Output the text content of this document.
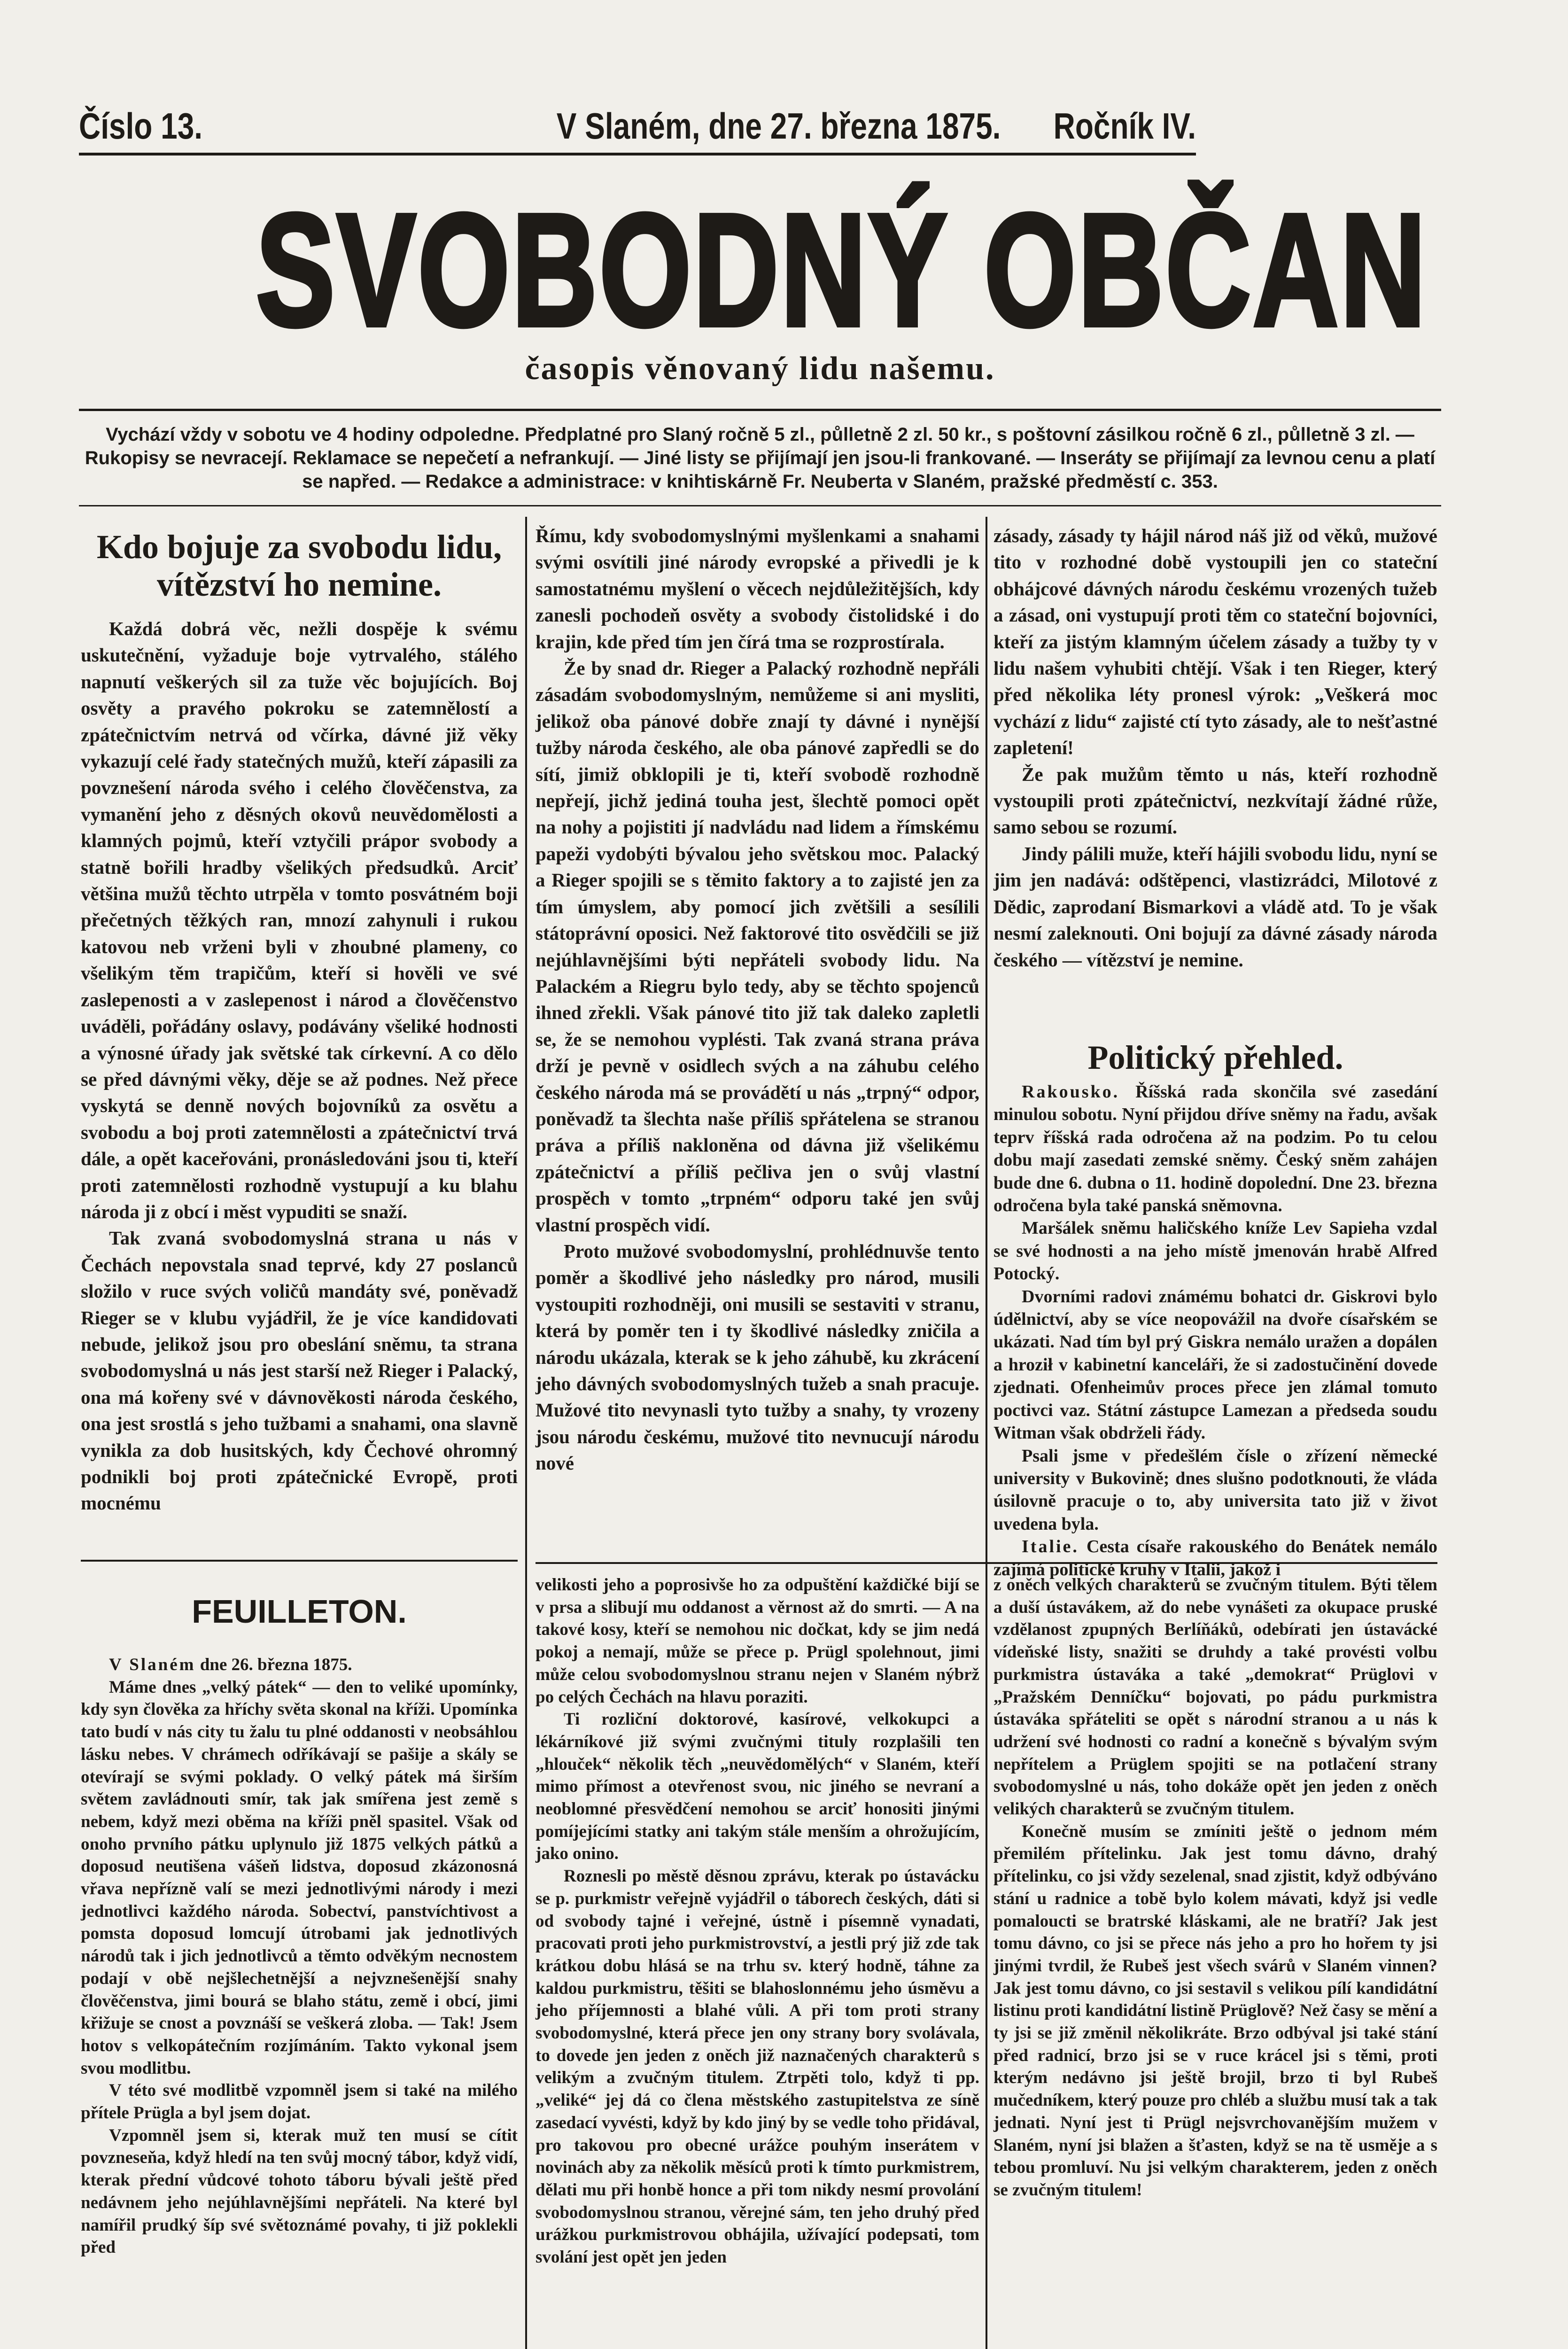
Číslo 13.	V Slaném, dne 27. března 1875. Ročník IV.
SVOBODNÝ OBČAN

časopis věnovaný lidu našemu.

Vychází vždy v sobotu ve 4 hodiny odpoledne. Předplatné pro Slaný ročně 5 zl., půlletně 2 zl. 50 kr., s poštovní zásilkou ročně 6 zl., půlletně 3 zl. — Rukopisy se nevracejí. Reklamace se nepečetí a nefrankují. — Jiné listy se přijímají jen jsou-li frankované. — Inseráty se přijímají za levnou cenu a platí se napřed. — Redakce a administrace: v knihtiskárně Fr. Neuberta v Slaném, pražské předměstí c. 353.

Kdo bojuje za svobodu lidu, vítězství ho nemine.

Každá dobrá věc, nežli dospěje k svému uskutečnění, vyžaduje boje vytrvalého, stálého napnutí veškerých sil za tuže věc bojujících. Boj osvěty a pravého pokroku se zatemnělostí a zpátečnictvím netrvá od včírka, dávné již věky vykazují celé řady statečných mužů, kteří zápasili za povznešení národa svého i celého člověčenstva, za vymanění jeho z děsných okovů neuvědomělosti a klamných pojmů, kteří vztyčili prápor svobody a statně bořili hradby všelikých předsudků. Arciť většina mužů těchto utrpěla v tomto posvátném boji přečetných těžkých ran, mnozí zahynuli i rukou katovou neb vrženi byli v zhoubné plameny, co všelikým těm trapičům, kteří si hověli ve své zaslepenosti a v zaslepenost i národ a člověčenstvo uváděli, pořádány oslavy, podávány všeliké hodnosti a výnosné úřady jak světské tak církevní. A co dělo se před dávnými věky, děje se až podnes. Než přece vyskytá se denně nových bojovníků za osvětu a svobodu a boj proti zatemnělosti a zpátečnictví trvá dále, a opět kaceřováni, pronásledováni jsou ti, kteří proti zatemnělosti rozhodně vystupují a ku blahu národa ji z obcí i měst vypuditi se snaží.

Tak zvaná svobodomyslná strana u nás v Čechách nepovstala snad teprvé, kdy 27 poslanců složilo v ruce svých voličů mandáty své, poněvadž Rieger se v klubu vyjádřil, že je více kandidovati nebude, jelikož jsou pro obeslání sněmu, ta strana svobodomyslná u nás jest starší než Rieger i Palacký, ona má kořeny své v dávnověkosti národa českého, ona jest srostlá s jeho tužbami a snahami, ona slavně vynikla za dob husitských, kdy Čechové ohromný podnikli boj proti zpátečnické Evropě, proti mocnému

Římu, kdy svobodomyslnými myšlenkami a snahami svými osvítili jiné národy evropské a přivedli je k samostatnému myšlení o věcech nejdůležitějších, kdy zanesli pochodeň osvěty a svobody čistolidské i do krajin, kde před tím jen čírá tma se rozprostírala.

Že by snad dr. Rieger a Palacký rozhodně nepřáli zásadám svobodomyslným, nemůžeme si ani mysliti, jelikož oba pánové dobře znají ty dávné i nynější tužby národa českého, ale oba pánové zapředli se do sítí, jimiž obklopili je ti, kteří svobodě rozhodně nepřejí, jichž jediná touha jest, šlechtě pomoci opět na nohy a pojistiti jí nadvládu nad lidem a římskému papeži vydobýti bývalou jeho světskou moc. Palacký a Rieger spojili se s těmito faktory a to zajisté jen za tím úmyslem, aby pomocí jich zvětšili a sesílili státoprávní oposici. Než faktorové tito osvědčili se již nejúhlavnějšími býti nepřáteli svobody lidu. Na Palackém a Riegru bylo tedy, aby se těchto spojenců ihned zřekli. Však pánové tito již tak daleko zapletli se, že se nemohou vyplésti. Tak zvaná strana práva drží je pevně v osidlech svých a na záhubu celého českého národa má se provádětí u nás „trpný“ odpor, poněvadž ta šlechta naše příliš spřátelena se stranou práva a příliš nakloněna od dávna již všelikému zpátečnictví a příliš pečliva jen o svůj vlastní prospěch v tomto „trpném“ odporu také jen svůj vlastní prospěch vidí.

Proto mužové svobodomyslní, prohlédnuvše tento poměr a škodlivé jeho následky pro národ, musili vystoupiti rozhodněji, oni musili se sestaviti v stranu, která by poměr ten i ty škodlivé následky zničila a národu ukázala, kterak se k jeho záhubě, ku zkrácení jeho dávných svobodomyslných tužeb a snah pracuje. Mužové tito nevynasli tyto tužby a snahy, ty vrozeny jsou národu českému, mužové tito nevnucují národu nové

zásady, zásady ty hájil národ náš již od věků, mužové tito v rozhodné době vystoupili jen co stateční obhájcové dávných národu českému vrozených tužeb a zásad, oni vystupují proti těm co stateční bojovníci, kteří za jistým klamným účelem zásady a tužby ty v lidu našem vyhubiti chtějí. Však i ten Rieger, který před několika léty pronesl výrok: „Veškerá moc vychází z lidu“ zajisté ctí tyto zásady, ale to nešťastné zapletení!

Že pak mužům těmto u nás, kteří rozhodně vystoupili proti zpátečnictví, nezkvítají žádné růže, samo sebou se rozumí.

Jindy pálili muže, kteří hájili svobodu lidu, nyní se jim jen nadává: odštěpenci, vlastizrádci, Milotové z Dědic, zaprodaní Bismarkovi a vládě atd. To je však nesmí zaleknouti. Oni bojují za dávné zásady národa českého — vítězství je nemine.

Politický přehled.

Rakousko. Říšská rada skončila své zasedání minulou sobotu. Nyní přijdou dříve sněmy na řadu, avšak teprv říšská rada odročena až na podzim. Po tu celou dobu mají zasedati zemské sněmy. Český sněm zahájen bude dne 6. dubna o 11. hodině dopolední. Dne 23. března odročena byla také panská sněmovna.

Maršálek sněmu haličského kníže Lev Sapieha vzdal se své hodnosti a na jeho místě jmenován hrabě Alfred Potocký.

Dvorními radovi známému bohatci dr. Giskrovi bylo údělnictví, aby se více neopovážil na dvoře císařském se ukázati. Nad tím byl prý Giskra nemálo uražen a dopálen a hroził v kabinetní kanceláři, že si zadostučinění dovede zjednati. Ofenheimův proces přece jen zlámal tomuto poctivci vaz. Státní zástupce Lamezan a předseda soudu Witman však obdrželi řády.

Psali jsme v předešlém čísle o zřízení německé university v Bukovině; dnes slušno podotknouti, že vláda úsilovně pracuje o to, aby universita tato již v život uvedena byla.

Italie. Cesta císaře rakouského do Benátek nemálo zajímá politické kruhy v Italii, jakož i

FEUILLETON.

V Slaném dne 26. března 1875.

Máme dnes „velký pátek“ — den to veliké upomínky, kdy syn člověka za hříchy světa skonal na kříži. Upomínka tato budí v nás city tu žalu tu plné oddanosti v neobsáhlou lásku nebes. V chrámech odříkávají se pašije a skály se otevírají se svými poklady. O velký pátek má širším světem zavládnouti smír, tak jak smířena jest země s nebem, když mezi oběma na kříži pněl spasitel. Však od onoho prvního pátku uplynulo již 1875 velkých pátků a doposud neutišena vášeň lidstva, doposud zkázonosná vřava nepřízně valí se mezi jednotlivými národy i mezi jednotlivci každého národa. Sobectví, panstvíchtivost a pomsta doposud lomcují útrobami jak jednotlivých národů tak i jich jednotlivců a těmto odvěkým necnostem podají v obě nejšlechetnější a nejvznešenější snahy člověčenstva, jimi bourá se blaho státu, země i obcí, jimi křižuje se cnost a povznáší se veškerá zloba. — Tak! Jsem hotov s velkopátečním rozjímáním. Takto vykonal jsem svou modlitbu.

V této své modlitbě vzpomněl jsem si také na milého přítele Prügla a byl jsem dojat.

Vzpomněl jsem si, kterak muž ten musí se cítit povzneseňa, když hledí na ten svůj mocný tábor, když vidí, kterak přední vůdcové tohoto táboru bývali ještě před nedávnem jeho nejúhlavnějšími nepřáteli. Na které byl namířil prudký šíp své světoznámé povahy, ti již poklekli před

velikosti jeho a poprosivše ho za odpuštění každičké bijí se v prsa a slibují mu oddanost a věrnost až do smrti. — A na takové kosy, kteří se nemohou nic dočkat, kdy se jim nedá pokoj a nemají, může se přece p. Prügl spolehnout, jimi může celou svobodomyslnou stranu nejen v Slaném nýbrž po celých Čechách na hlavu poraziti.

Ti rozliční doktorové, kasírové, velkokupci a lékárníkové již svými zvučnými tituly rozplašili ten „hlouček“ několik těch „neuvědomělých“ v Slaném, kteří mimo přímost a otevřenost svou, nic jiného se nevraní a neoblomné přesvědčení nemohou se arciť honositi jinými pomíjejícími statky ani takým stále menším a ohrožujícím, jako onino.

Roznesli po městě děsnou zprávu, kterak po ústavácku se p. purkmistr veřejně vyjádřil o táborech českých, dáti si od svobody tajné i veřejné, ústně i písemně vynadati, pracovati proti jeho purkmistrovství, a jestli prý již zde tak krátkou dobu hlásá se na trhu sv. který hodně, táhne za kaldou purkmistru, těšiti se blahoslonnému jeho úsměvu a jeho příjemnosti a blahé vůli. A při tom proti strany svobodomyslné, která přece jen ony strany bory svolávala, to dovede jen jeden z oněch již naznačených charakterů s velikým a zvučným titulem. Ztrpěti tolo, když ti pp. „veliké“ jej dá co člena městského zastupitelstva ze síně zasedací vyvésti, když by kdo jiný by se vedle toho přidával, pro takovou pro obecné urážce pouhým inserátem v novinách aby za několik měsíců proti k tímto purkmistrem, dělati mu při honbě honce a při tom nikdy nesmí provolání svobodomyslnou stranou, věrejné sám, ten jeho druhý před urážkou purkmistrovou obhájila, užívající podepsati, tom svolání jest opět jen jeden

z oněch velkých charakterů se zvučným titulem. Býti tělem a duší ústavákem, až do nebe vynášeti za okupace pruské vzdělanost zpupných Berlíňáků, odebírati jen ústavácké vídeňské listy, snažiti se druhdy a také provésti volbu purkmistra ústaváka a také „demokrat“ Prüglovi v „Pražském Denníčku“ bojovati, po pádu purkmistra ústaváka spřáteliti se opět s národní stranou a u nás k udržení své hodnosti co radní a konečně s bývalým svým nepřítelem a Prüglem spojiti se na potlačení strany svobodomyslné u nás, toho dokáže opět jen jeden z oněch velikých charakterů se zvučným titulem.

Konečně musím se zmíniti ještě o jednom mém přemilém přítelinku. Jak jest tomu dávno, drahý přítelinku, co jsi vždy sezelenal, snad zjistit, když odbýváno stání u radnice a tobě bylo kolem mávati, když jsi vedle pomaloucti se bratrské kláskami, ale ne bratří? Jak jest tomu dávno, co jsi se přece nás jeho a pro ho hořem ty jsi jinými tvrdil, že Rubeš jest všech svárů v Slaném vinnen? Jak jest tomu dávno, co jsi sestavil s velikou pílí kandidátní listinu proti kandidátní listině Prüglově? Než časy se mění a ty jsi se již změnil několikráte. Brzo odbýval jsi také stání před radnicí, brzo jsi se v ruce krácel jsi s těmi, proti kterým nedávno jsi ještě brojil, brzo ti byl Rubeš mučedníkem, který pouze pro chléb a službu musí tak a tak jednati. Nyní jest ti Prügl nejsvrchovanějším mužem v Slaném, nyní jsi blažen a šťasten, když se na tě usměje a s tebou promluví. Nu jsi velkým charakterem, jeden z oněch se zvučným titulem!
